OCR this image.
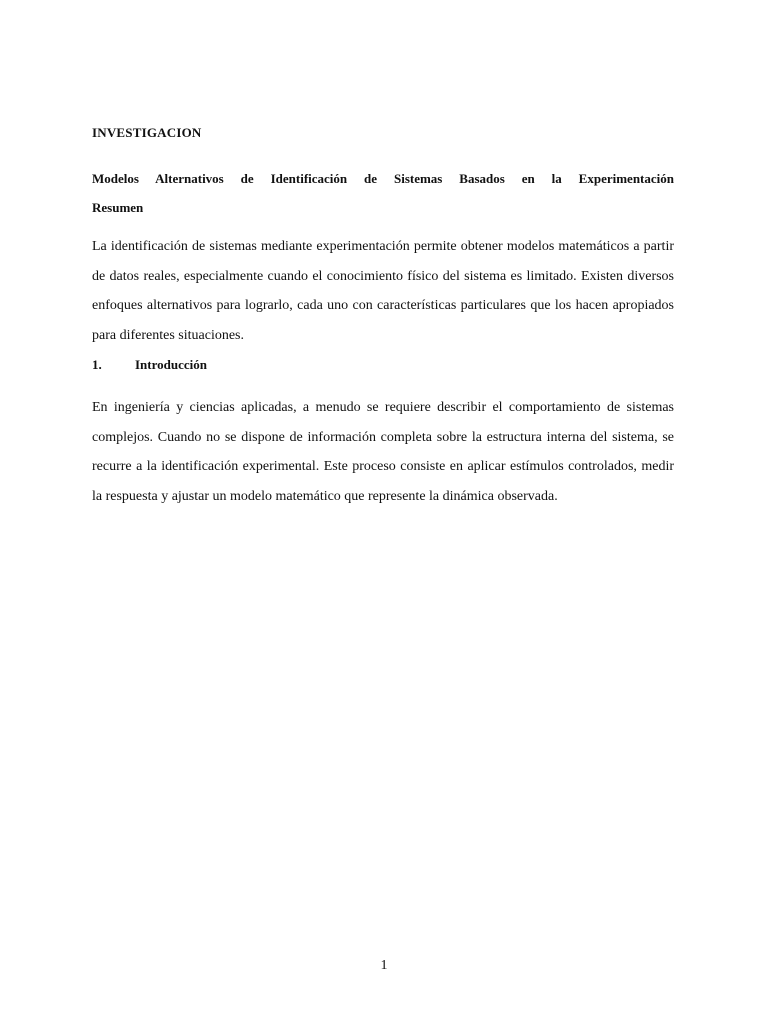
INVESTIGACION
Modelos Alternativos de Identificación de Sistemas Basados en la Experimentación
Resumen

La identificación de sistemas mediante experimentación permite obtener modelos matemáticos a partir de datos reales, especialmente cuando el conocimiento físico del sistema es limitado. Existen diversos enfoques alternativos para lograrlo, cada uno con características particulares que los hacen apropiados para diferentes situaciones.

1.	Introducción

En ingeniería y ciencias aplicadas, a menudo se requiere describir el comportamiento de sistemas complejos. Cuando no se dispone de información completa sobre la estructura interna del sistema, se recurre a la identificación experimental. Este proceso consiste en aplicar estímulos controlados, medir la respuesta y ajustar un modelo matemático que represente la dinámica observada.

1
